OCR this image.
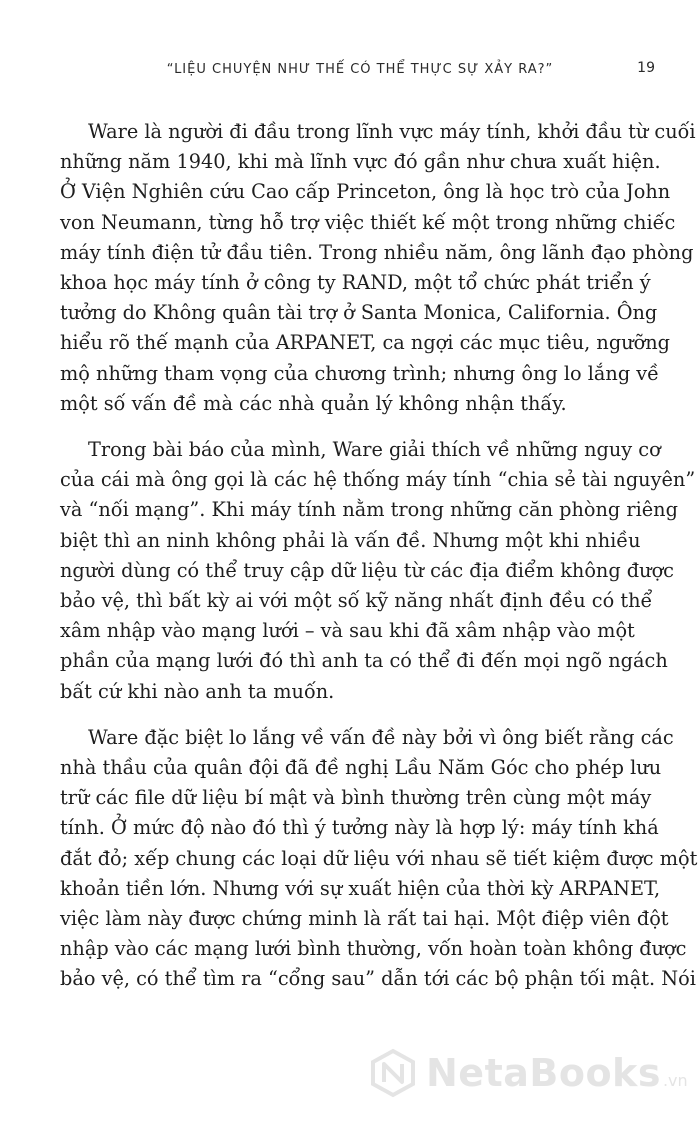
“LIỆU CHUYỆN NHƯ THẾ CÓ THỂ THỰC SỰ XẢY RA?”	19

Ware là người đi đầu trong lĩnh vực máy tính, khởi đầu từ cuối
những năm 1940, khi mà lĩnh vực đó gần như chưa xuất hiện.
Ở Viện Nghiên cứu Cao cấp Princeton, ông là học trò của John
von Neumann, từng hỗ trợ việc thiết kế một trong những chiếc
máy tính điện tử đầu tiên. Trong nhiều năm, ông lãnh đạo phòng
khoa học máy tính ở công ty RAND, một tổ chức phát triển ý
tưởng do Không quân tài trợ ở Santa Monica, California. Ông
hiểu rõ thế mạnh của ARPANET, ca ngợi các mục tiêu, ngưỡng
mộ những tham vọng của chương trình; nhưng ông lo lắng về
một số vấn đề mà các nhà quản lý không nhận thấy.

Trong bài báo của mình, Ware giải thích về những nguy cơ
của cái mà ông gọi là các hệ thống máy tính “chia sẻ tài nguyên”
và “nối mạng”. Khi máy tính nằm trong những căn phòng riêng
biệt thì an ninh không phải là vấn đề. Nhưng một khi nhiều
người dùng có thể truy cập dữ liệu từ các địa điểm không được
bảo vệ, thì bất kỳ ai với một số kỹ năng nhất định đều có thể
xâm nhập vào mạng lưới – và sau khi đã xâm nhập vào một
phần của mạng lưới đó thì anh ta có thể đi đến mọi ngõ ngách
bất cứ khi nào anh ta muốn.

Ware đặc biệt lo lắng về vấn đề này bởi vì ông biết rằng các
nhà thầu của quân đội đã đề nghị Lầu Năm Góc cho phép lưu
trữ các file dữ liệu bí mật và bình thường trên cùng một máy
tính. Ở mức độ nào đó thì ý tưởng này là hợp lý: máy tính khá
đắt đỏ; xếp chung các loại dữ liệu với nhau sẽ tiết kiệm được một
khoản tiền lớn. Nhưng với sự xuất hiện của thời kỳ ARPANET,
việc làm này được chứng minh là rất tai hại. Một điệp viên đột
nhập vào các mạng lưới bình thường, vốn hoàn toàn không được
bảo vệ, có thể tìm ra “cổng sau” dẫn tới các bộ phận tối mật. Nói

NetaBooks .vn
